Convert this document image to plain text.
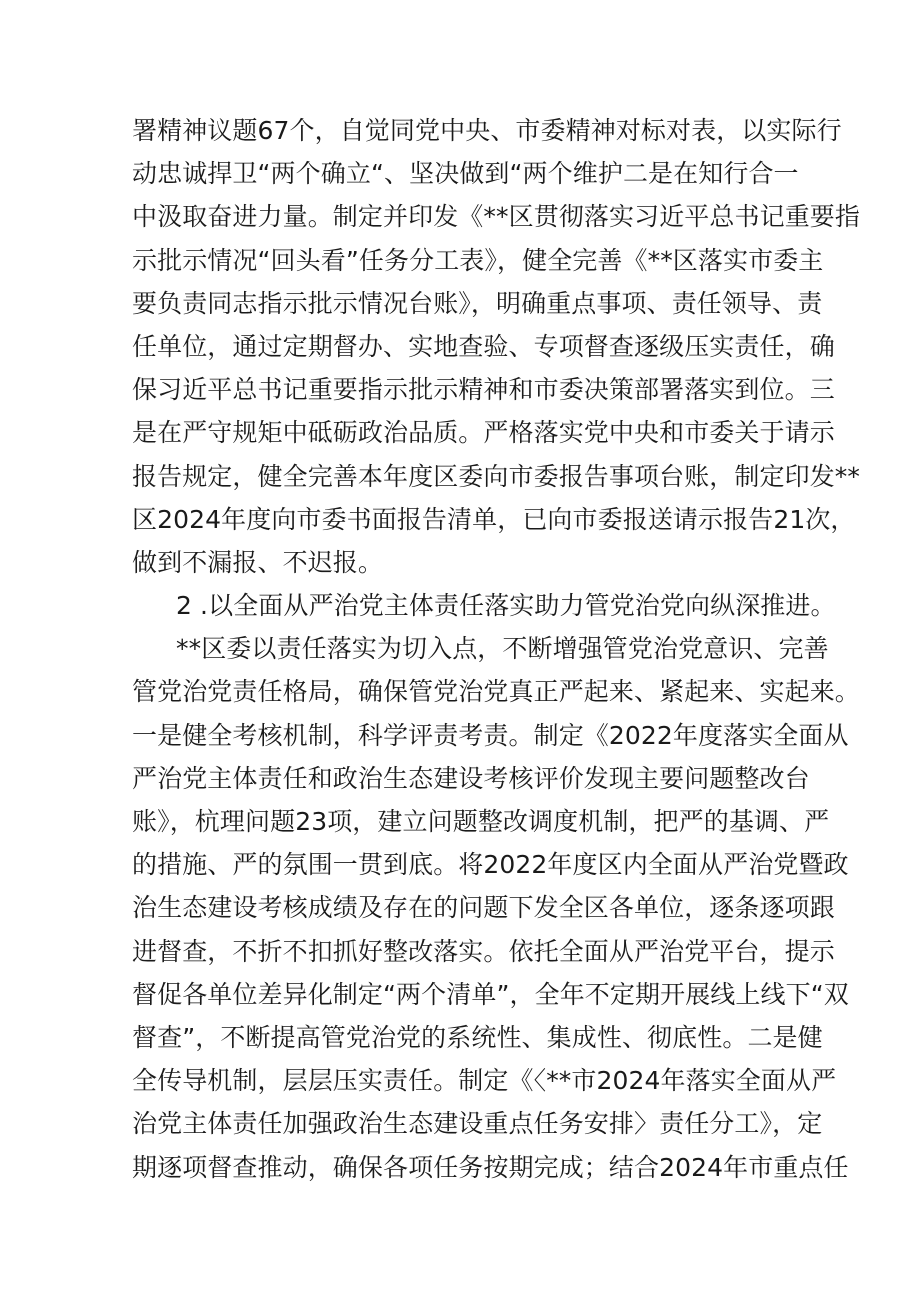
署精神议题67个，自觉同党中央、市委精神对标对表，以实际行
动忠诚捍卫“两个确立“、坚决做到“两个维护二是在知行合一
中汲取奋进力量。制定并印发《**区贯彻落实习近平总书记重要指
示批示情况“回头看”任务分工表》，健全完善《**区落实市委主
要负责同志指示批示情况台账》，明确重点事项、责任领导、责
任单位，通过定期督办、实地查验、专项督查逐级压实责任，确
保习近平总书记重要指示批示精神和市委决策部署落实到位。三
是在严守规矩中砥砺政治品质。严格落实党中央和市委关于请示
报告规定，健全完善本年度区委向市委报告事项台账，制定印发**
区2024年度向市委书面报告清单，已向市委报送请示报告21次，
做到不漏报、不迟报。
2 .以全面从严治党主体责任落实助力管党治党向纵深推进。
**区委以责任落实为切入点，不断增强管党治党意识、完善
管党治党责任格局，确保管党治党真正严起来、紧起来、实起来。
一是健全考核机制，科学评责考责。制定《2022年度落实全面从
严治党主体责任和政治生态建设考核评价发现主要问题整改台
账》，杭理问题23项，建立问题整改调度机制，把严的基调、严
的措施、严的氛围一贯到底。将2022年度区内全面从严治党暨政
治生态建设考核成绩及存在的问题下发全区各单位，逐条逐项跟
进督查，不折不扣抓好整改落实。依托全面从严治党平台，提示
督促各单位差异化制定“两个清单”，全年不定期开展线上线下“双
督查”，不断提高管党治党的系统性、集成性、彻底性。二是健
全传导机制，层层压实责任。制定《〈**市2024年落实全面从严
治党主体责任加强政治生态建设重点任务安排〉责任分工》，定
期逐项督查推动，确保各项任务按期完成；结合2024年市重点任
